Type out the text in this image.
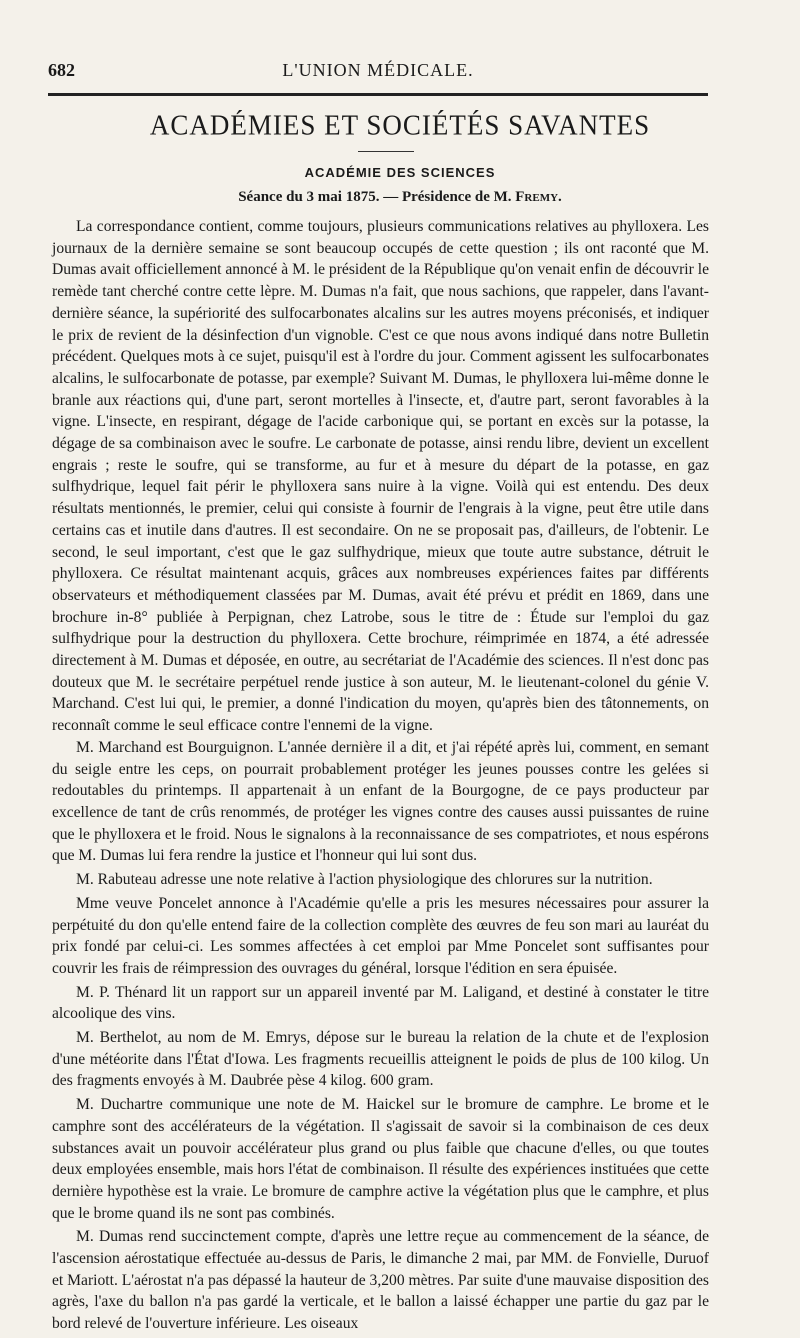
682	L'UNION MÉDICALE.
ACADÉMIES ET SOCIÉTÉS SAVANTES
ACADÉMIE DES SCIENCES
Séance du 3 mai 1875. — Présidence de M. Fremy.

La correspondance contient, comme toujours, plusieurs communications relatives au phylloxera. Les journaux de la dernière semaine se sont beaucoup occupés de cette question ; ils ont raconté que M. Dumas avait officiellement annoncé à M. le président de la République qu'on venait enfin de découvrir le remède tant cherché contre cette lèpre. M. Dumas n'a fait, que nous sachions, que rappeler, dans l'avant-dernière séance, la supériorité des sulfocarbonates alcalins sur les autres moyens préconisés, et indiquer le prix de revient de la désinfection d'un vignoble. C'est ce que nous avons indiqué dans notre Bulletin précédent. Quelques mots à ce sujet, puisqu'il est à l'ordre du jour. Comment agissent les sulfocarbonates alcalins, le sulfocarbonate de potasse, par exemple? Suivant M. Dumas, le phylloxera lui-même donne le branle aux réactions qui, d'une part, seront mortelles à l'insecte, et, d'autre part, seront favorables à la vigne. L'insecte, en respirant, dégage de l'acide carbonique qui, se portant en excès sur la potasse, la dégage de sa combinaison avec le soufre. Le carbonate de potasse, ainsi rendu libre, devient un excellent engrais ; reste le soufre, qui se transforme, au fur et à mesure du départ de la potasse, en gaz sulfhydrique, lequel fait périr le phylloxera sans nuire à la vigne. Voilà qui est entendu. Des deux résultats mentionnés, le premier, celui qui consiste à fournir de l'engrais à la vigne, peut être utile dans certains cas et inutile dans d'autres. Il est secondaire. On ne se proposait pas, d'ailleurs, de l'obtenir. Le second, le seul important, c'est que le gaz sulfhydrique, mieux que toute autre substance, détruit le phylloxera. Ce résultat maintenant acquis, grâces aux nombreuses expériences faites par différents observateurs et méthodiquement classées par M. Dumas, avait été prévu et prédit en 1869, dans une brochure in-8° publiée à Perpignan, chez Latrobe, sous le titre de : Étude sur l'emploi du gaz sulfhydrique pour la destruction du phylloxera. Cette brochure, réimprimée en 1874, a été adressée directement à M. Dumas et déposée, en outre, au secrétariat de l'Académie des sciences. Il n'est donc pas douteux que M. le secrétaire perpétuel rende justice à son auteur, M. le lieutenant-colonel du génie V. Marchand. C'est lui qui, le premier, a donné l'indication du moyen, qu'après bien des tâtonnements, on reconnaît comme le seul efficace contre l'ennemi de la vigne.

M. Marchand est Bourguignon. L'année dernière il a dit, et j'ai répété après lui, comment, en semant du seigle entre les ceps, on pourrait probablement protéger les jeunes pousses contre les gelées si redoutables du printemps. Il appartenait à un enfant de la Bourgogne, de ce pays producteur par excellence de tant de crûs renommés, de protéger les vignes contre des causes aussi puissantes de ruine que le phylloxera et le froid. Nous le signalons à la reconnaissance de ses compatriotes, et nous espérons que M. Dumas lui fera rendre la justice et l'honneur qui lui sont dus.

M. Rabuteau adresse une note relative à l'action physiologique des chlorures sur la nutrition.

Mme veuve Poncelet annonce à l'Académie qu'elle a pris les mesures nécessaires pour assurer la perpétuité du don qu'elle entend faire de la collection complète des œuvres de feu son mari au lauréat du prix fondé par celui-ci. Les sommes affectées à cet emploi par Mme Poncelet sont suffisantes pour couvrir les frais de réimpression des ouvrages du général, lorsque l'édition en sera épuisée.

M. P. Thénard lit un rapport sur un appareil inventé par M. Laligand, et destiné à constater le titre alcoolique des vins.

M. Berthelot, au nom de M. Emrys, dépose sur le bureau la relation de la chute et de l'explosion d'une météorite dans l'État d'Iowa. Les fragments recueillis atteignent le poids de plus de 100 kilog. Un des fragments envoyés à M. Daubrée pèse 4 kilog. 600 gram.

M. Duchartre communique une note de M. Haickel sur le bromure de camphre. Le brome et le camphre sont des accélérateurs de la végétation. Il s'agissait de savoir si la combinaison de ces deux substances avait un pouvoir accélérateur plus grand ou plus faible que chacune d'elles, ou que toutes deux employées ensemble, mais hors l'état de combinaison. Il résulte des expériences instituées que cette dernière hypothèse est la vraie. Le bromure de camphre active la végétation plus que le camphre, et plus que le brome quand ils ne sont pas combinés.

M. Dumas rend succinctement compte, d'après une lettre reçue au commencement de la séance, de l'ascension aérostatique effectuée au-dessus de Paris, le dimanche 2 mai, par MM. de Fonvielle, Duruof et Mariott. L'aérostat n'a pas dépassé la hauteur de 3,200 mètres. Par suite d'une mauvaise disposition des agrès, l'axe du ballon n'a pas gardé la verticale, et le ballon a laissé échapper une partie du gaz par le bord relevé de l'ouverture inférieure. Les oiseaux
